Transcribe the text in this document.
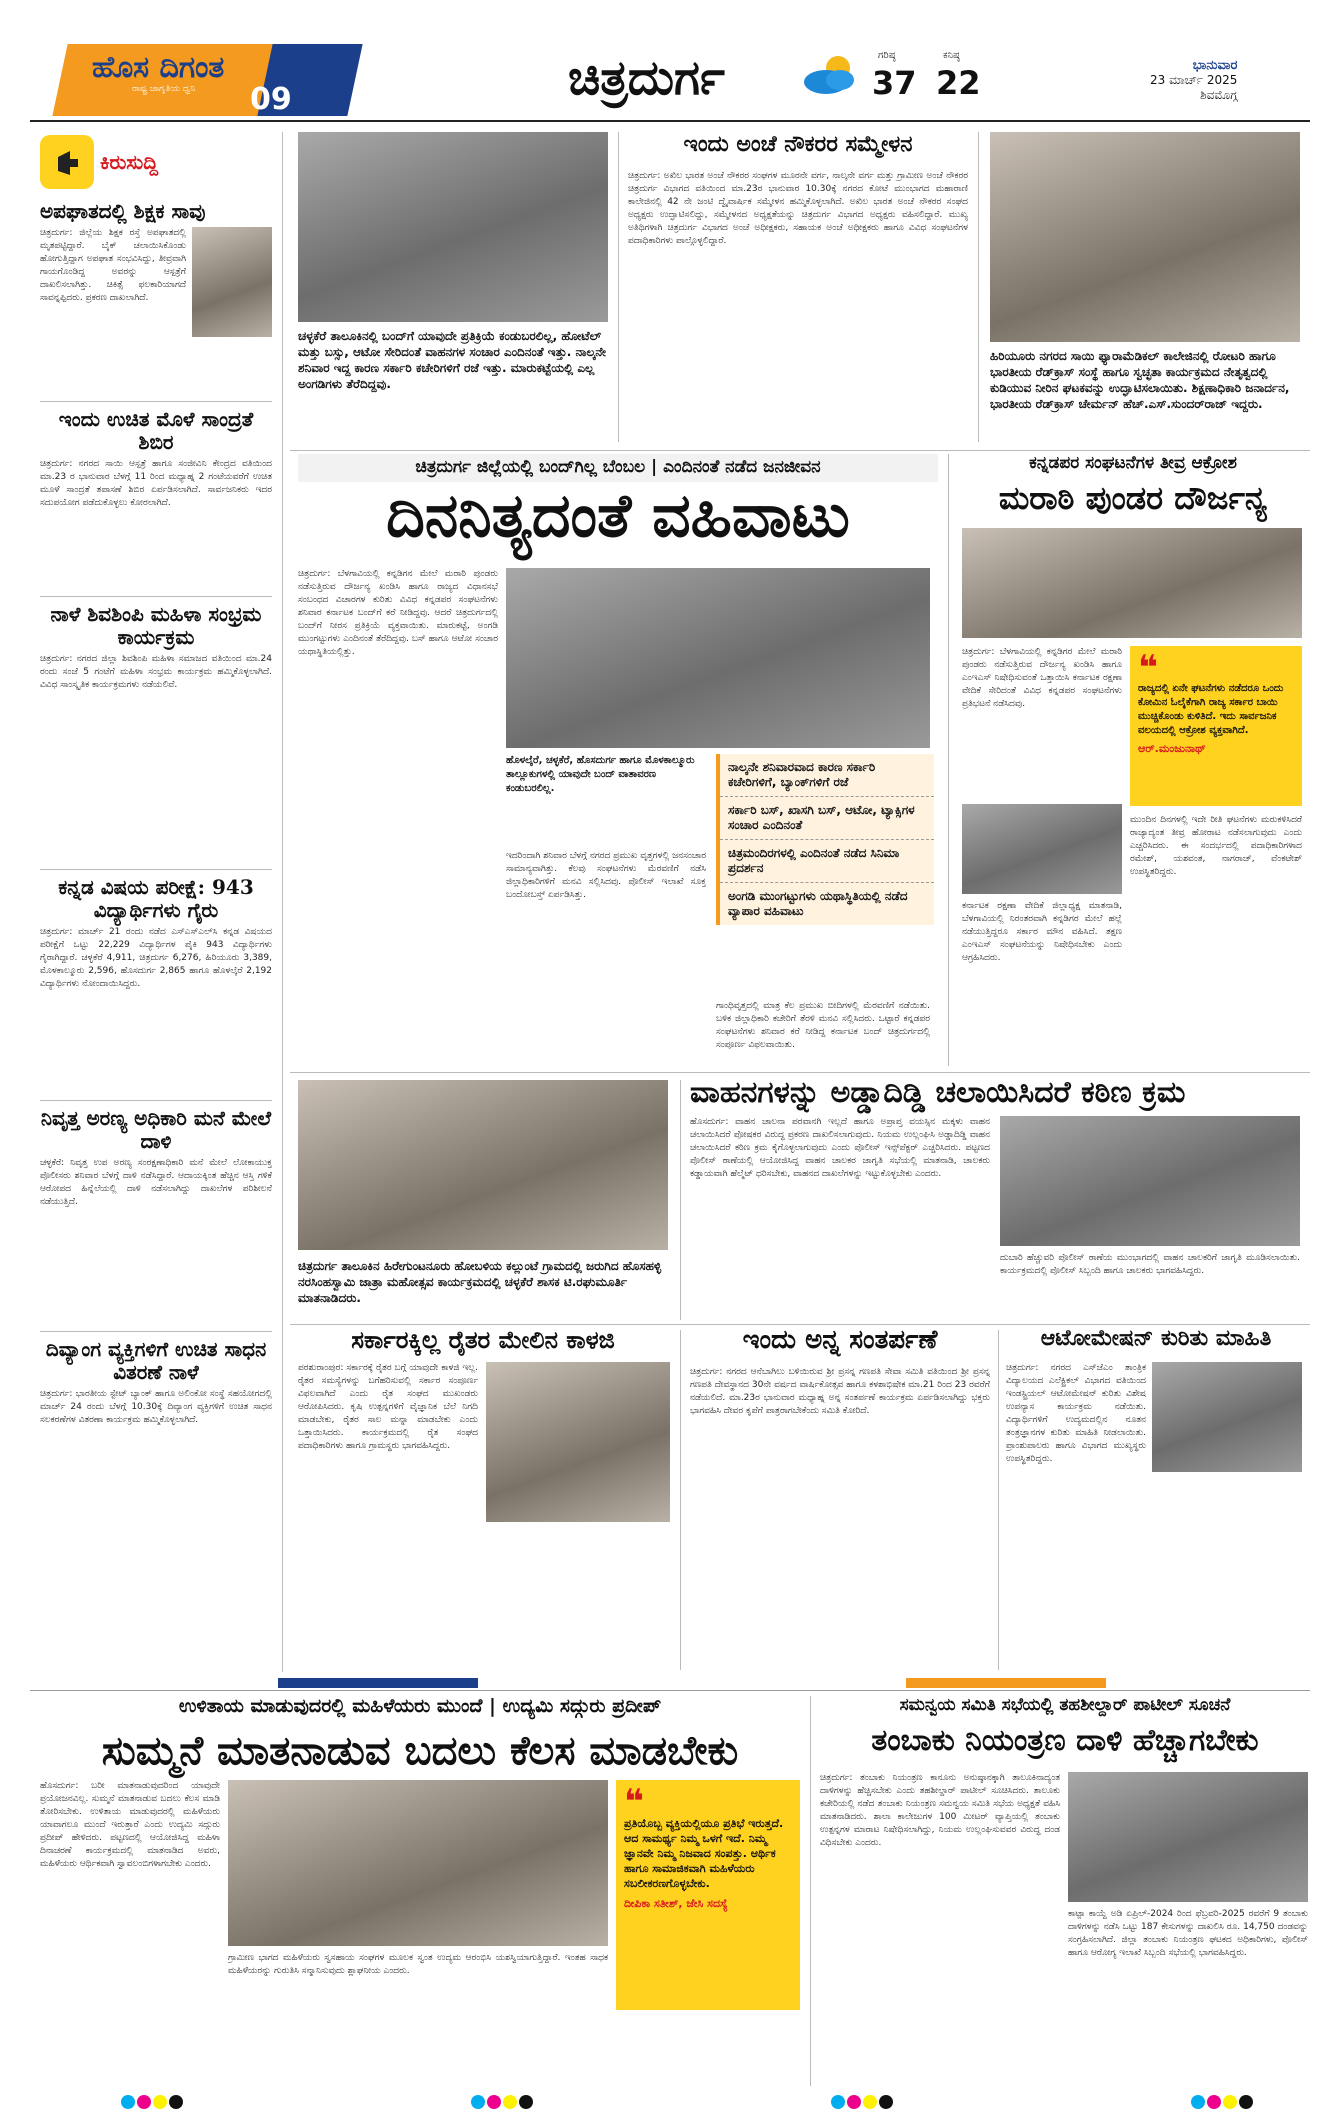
ಹೊಸ ದಿಗಂತ
ರಾಷ್ಟ್ರ ಜಾಗೃತಿಯ ಧ್ವನಿ 09	ಚಿತ್ರದುರ್ಗ	ಗರಿಷ್ಠ
37
ಕನಿಷ್ಠ
22	ಭಾನುವಾರ
23 ಮಾರ್ಚ್ 2025
ಶಿವಮೊಗ್ಗ
ಕಿರುಸುದ್ದಿ
ಅಪಘಾತದಲ್ಲಿ ಶಿಕ್ಷಕ ಸಾವು
ಚಿತ್ರದುರ್ಗ: ಜಿಲ್ಲೆಯ ಶಿಕ್ಷಕ ರಸ್ತೆ ಅಪಘಾತದಲ್ಲಿ ಮೃತಪಟ್ಟಿದ್ದಾರೆ. ಬೈಕ್ ಚಲಾಯಿಸಿಕೊಂಡು ಹೋಗುತ್ತಿದ್ದಾಗ ಅಪಘಾತ ಸಂಭವಿಸಿದ್ದು, ತೀವ್ರವಾಗಿ ಗಾಯಗೊಂಡಿದ್ದ ಅವರನ್ನು ಆಸ್ಪತ್ರೆಗೆ ದಾಖಲಿಸಲಾಗಿತ್ತು. ಚಿಕಿತ್ಸೆ ಫಲಕಾರಿಯಾಗದೆ ಸಾವನ್ನಪ್ಪಿದರು. ಪ್ರಕರಣ ದಾಖಲಾಗಿದೆ.
ಇಂದು ಉಚಿತ ಮೊಳೆ ಸಾಂದ್ರತೆ ಶಿಬಿರ
ಚಿತ್ರದುರ್ಗ: ನಗರದ ಸಾಯಿ ಆಸ್ಪತ್ರೆ ಹಾಗೂ ಸಂಜೀವಿನಿ ಕೇಂದ್ರದ ವತಿಯಿಂದ ಮಾ.23 ರ ಭಾನುವಾರ ಬೆಳಗ್ಗೆ 11 ರಿಂದ ಮಧ್ಯಾಹ್ನ 2 ಗಂಟೆಯವರೆಗೆ ಉಚಿತ ಮೂಳೆ ಸಾಂದ್ರತೆ ತಪಾಸಣೆ ಶಿಬಿರ ಏರ್ಪಡಿಸಲಾಗಿದೆ. ಸಾರ್ವಜನಿಕರು ಇದರ ಸದುಪಯೋಗ ಪಡೆದುಕೊಳ್ಳಲು ಕೋರಲಾಗಿದೆ.
ನಾಳೆ ಶಿವಶಿಂಪಿ ಮಹಿಳಾ ಸಂಭ್ರಮ ಕಾರ್ಯಕ್ರಮ
ಚಿತ್ರದುರ್ಗ: ನಗರದ ಜಿಲ್ಲಾ ಶಿವಶಿಂಪಿ ಮಹಿಳಾ ಸಮಾಜದ ವತಿಯಿಂದ ಮಾ.24 ರಂದು ಸಂಜೆ 5 ಗಂಟೆಗೆ ಮಹಿಳಾ ಸಂಭ್ರಮ ಕಾರ್ಯಕ್ರಮ ಹಮ್ಮಿಕೊಳ್ಳಲಾಗಿದೆ. ವಿವಿಧ ಸಾಂಸ್ಕೃತಿಕ ಕಾರ್ಯಕ್ರಮಗಳು ನಡೆಯಲಿವೆ.
ಕನ್ನಡ ವಿಷಯ ಪರೀಕ್ಷೆ: 943 ವಿದ್ಯಾರ್ಥಿಗಳು ಗೈರು
ಚಿತ್ರದುರ್ಗ: ಮಾರ್ಚ್ 21 ರಂದು ನಡೆದ ಎಸ್‌ಎಸ್‌ಎಲ್‌ಸಿ ಕನ್ನಡ ವಿಷಯದ ಪರೀಕ್ಷೆಗೆ ಒಟ್ಟು 22,229 ವಿದ್ಯಾರ್ಥಿಗಳ ಪೈಕಿ 943 ವಿದ್ಯಾರ್ಥಿಗಳು ಗೈರಾಗಿದ್ದಾರೆ. ಚಳ್ಳಕೆರೆ 4,911, ಚಿತ್ರದುರ್ಗ 6,276, ಹಿರಿಯೂರು 3,389, ಮೊಳಕಾಲ್ಮೂರು 2,596, ಹೊಸದುರ್ಗ 2,865 ಹಾಗೂ ಹೊಳಲ್ಕೆರೆ 2,192 ವಿದ್ಯಾರ್ಥಿಗಳು ನೋಂದಾಯಿಸಿದ್ದರು.
ನಿವೃತ್ತ ಅರಣ್ಯ ಅಧಿಕಾರಿ ಮನೆ ಮೇಲೆ ದಾಳಿ
ಚಳ್ಳಕೆರೆ: ನಿವೃತ್ತ ಉಪ ಅರಣ್ಯ ಸಂರಕ್ಷಣಾಧಿಕಾರಿ ಮನೆ ಮೇಲೆ ಲೋಕಾಯುಕ್ತ ಪೊಲೀಸರು ಶನಿವಾರ ಬೆಳಗ್ಗೆ ದಾಳಿ ನಡೆಸಿದ್ದಾರೆ. ಆದಾಯಕ್ಕಿಂತ ಹೆಚ್ಚಿನ ಆಸ್ತಿ ಗಳಿಕೆ ಆರೋಪದ ಹಿನ್ನೆಲೆಯಲ್ಲಿ ದಾಳಿ ನಡೆಸಲಾಗಿದ್ದು ದಾಖಲೆಗಳ ಪರಿಶೀಲನೆ ನಡೆಯುತ್ತಿದೆ.
ದಿವ್ಯಾಂಗ ವ್ಯಕ್ತಿಗಳಿಗೆ ಉಚಿತ ಸಾಧನ ವಿತರಣೆ ನಾಳೆ
ಚಿತ್ರದುರ್ಗ: ಭಾರತೀಯ ಸ್ಟೇಟ್ ಬ್ಯಾಂಕ್ ಹಾಗೂ ಅಲಿಂಕೋ ಸಂಸ್ಥೆ ಸಹಯೋಗದಲ್ಲಿ ಮಾರ್ಚ್ 24 ರಂದು ಬೆಳಗ್ಗೆ 10.30ಕ್ಕೆ ದಿವ್ಯಾಂಗ ವ್ಯಕ್ತಿಗಳಿಗೆ ಉಚಿತ ಸಾಧನ ಸಲಕರಣೆಗಳ ವಿತರಣಾ ಕಾರ್ಯಕ್ರಮ ಹಮ್ಮಿಕೊಳ್ಳಲಾಗಿದೆ.
ಚಳ್ಳಕೆರೆ ತಾಲೂಕಿನಲ್ಲಿ ಬಂದ್‌ಗೆ ಯಾವುದೇ ಪ್ರತಿಕ್ರಿಯೆ ಕಂಡುಬರಲಿಲ್ಲ, ಹೋಟೆಲ್ ಮತ್ತು ಬಸ್ಸು, ಆಟೋ ಸೇರಿದಂತೆ ವಾಹನಗಳ ಸಂಚಾರ ಎಂದಿನಂತೆ ಇತ್ತು. ನಾಲ್ಕನೇ ಶನಿವಾರ ಇದ್ದ ಕಾರಣ ಸರ್ಕಾರಿ ಕಚೇರಿಗಳಿಗೆ ರಜೆ ಇತ್ತು. ಮಾರುಕಟ್ಟೆಯಲ್ಲಿ ಎಲ್ಲ ಅಂಗಡಿಗಳು ತೆರೆದಿದ್ದವು.
ಇಂದು ಅಂಚೆ ನೌಕರರ ಸಮ್ಮೇಳನ
ಚಿತ್ರದುರ್ಗ: ಅಖಿಲ ಭಾರತ ಅಂಚೆ ನೌಕರರ ಸಂಘಗಳ ಮೂರನೇ ವರ್ಗ, ನಾಲ್ಕನೇ ವರ್ಗ ಮತ್ತು ಗ್ರಾಮೀಣ ಅಂಚೆ ನೌಕರರ ಚಿತ್ರದುರ್ಗ ವಿಭಾಗದ ವತಿಯಿಂದ ಮಾ.23ರ ಭಾನುವಾರ 10.30ಕ್ಕೆ ನಗರದ ಕೋಟೆ ಮುಂಭಾಗದ ಮಹಾರಾಣಿ ಕಾಲೇಜಿನಲ್ಲಿ 42 ನೇ ಜಂಟಿ ದ್ವೈವಾರ್ಷಿಕ ಸಮ್ಮೇಳನ ಹಮ್ಮಿಕೊಳ್ಳಲಾಗಿದೆ. ಅಖಿಲ ಭಾರತ ಅಂಚೆ ನೌಕರರ ಸಂಘದ ಅಧ್ಯಕ್ಷರು ಉದ್ಘಾಟಿಸಲಿದ್ದು, ಸಮ್ಮೇಳನದ ಅಧ್ಯಕ್ಷತೆಯನ್ನು ಚಿತ್ರದುರ್ಗ ವಿಭಾಗದ ಅಧ್ಯಕ್ಷರು ವಹಿಸಲಿದ್ದಾರೆ. ಮುಖ್ಯ ಅತಿಥಿಗಳಾಗಿ ಚಿತ್ರದುರ್ಗ ವಿಭಾಗದ ಅಂಚೆ ಅಧೀಕ್ಷಕರು, ಸಹಾಯಕ ಅಂಚೆ ಅಧೀಕ್ಷಕರು ಹಾಗೂ ವಿವಿಧ ಸಂಘಟನೆಗಳ ಪದಾಧಿಕಾರಿಗಳು ಪಾಲ್ಗೊಳ್ಳಲಿದ್ದಾರೆ.
ಹಿರಿಯೂರು ನಗರದ ಸಾಯಿ ಫ್ಯಾರಾಮೆಡಿಕಲ್ ಕಾಲೇಜಿನಲ್ಲಿ ರೋಟರಿ ಹಾಗೂ ಭಾರತೀಯ ರೆಡ್‌ಕ್ರಾಸ್ ಸಂಸ್ಥೆ ಹಾಗೂ ಸ್ವಚ್ಛತಾ ಕಾರ್ಯಕ್ರಮದ ನೇತೃತ್ವದಲ್ಲಿ ಕುಡಿಯುವ ನೀರಿನ ಘಟಕವನ್ನು ಉದ್ಘಾಟಿಸಲಾಯಿತು. ಶಿಕ್ಷಣಾಧಿಕಾರಿ ಜನಾರ್ದನ, ಭಾರತೀಯ ರೆಡ್‌ಕ್ರಾಸ್ ಚೇರ್ಮನ್ ಹೆಚ್.ಎಸ್.ಸುಂದರ್‌ರಾಜ್ ಇದ್ದರು.
ಚಿತ್ರದುರ್ಗ ಜಿಲ್ಲೆಯಲ್ಲಿ ಬಂದ್‌ಗಿಲ್ಲ ಬೆಂಬಲ | ಎಂದಿನಂತೆ ನಡೆದ ಜನಜೀವನ
ದಿನನಿತ್ಯದಂತೆ ವಹಿವಾಟು
ಚಿತ್ರದುರ್ಗ: ಬೆಳಗಾವಿಯಲ್ಲಿ ಕನ್ನಡಿಗನ ಮೇಲೆ ಮರಾಠಿ ಪುಂಡರು ನಡೆಸುತ್ತಿರುವ ದೌರ್ಜನ್ಯ ಖಂಡಿಸಿ ಹಾಗೂ ರಾಜ್ಯದ ವಿಧಾನಸಭೆ ಸಂಬಂಧದ ವಿಚಾರಗಳ ಕುರಿತು ವಿವಿಧ ಕನ್ನಡಪರ ಸಂಘಟನೆಗಳು ಶನಿವಾರ ಕರ್ನಾಟಕ ಬಂದ್‌ಗೆ ಕರೆ ನೀಡಿದ್ದವು. ಆದರೆ ಚಿತ್ರದುರ್ಗದಲ್ಲಿ ಬಂದ್‌ಗೆ ನೀರಸ ಪ್ರತಿಕ್ರಿಯೆ ವ್ಯಕ್ತವಾಯಿತು. ಮಾರುಕಟ್ಟೆ, ಅಂಗಡಿ ಮುಂಗಟ್ಟುಗಳು ಎಂದಿನಂತೆ ತೆರೆದಿದ್ದವು. ಬಸ್ ಹಾಗೂ ಆಟೋ ಸಂಚಾರ ಯಥಾಸ್ಥಿತಿಯಲ್ಲಿತ್ತು.
ಇದರಿಂದಾಗಿ ಶನಿವಾರ ಬೆಳಗ್ಗೆ ನಗರದ ಪ್ರಮುಖ ವೃತ್ತಗಳಲ್ಲಿ ಜನಸಂಚಾರ ಸಾಮಾನ್ಯವಾಗಿತ್ತು. ಕೆಲವು ಸಂಘಟನೆಗಳು ಮೆರವಣಿಗೆ ನಡೆಸಿ ಜಿಲ್ಲಾಧಿಕಾರಿಗಳಿಗೆ ಮನವಿ ಸಲ್ಲಿಸಿದವು. ಪೊಲೀಸ್ ಇಲಾಖೆ ಸೂಕ್ತ ಬಂದೋಬಸ್ತ್ ಏರ್ಪಡಿಸಿತ್ತು.
ಹೊಳಲ್ಕೆರೆ, ಚಳ್ಳಕೆರೆ, ಹೊಸದುರ್ಗ ಹಾಗೂ ಮೊಳಕಾಲ್ಮೂರು ತಾಲ್ಲೂಕುಗಳಲ್ಲಿ ಯಾವುದೇ ಬಂದ್ ವಾತಾವರಣ ಕಂಡುಬರಲಿಲ್ಲ.
ನಾಲ್ಕನೇ ಶನಿವಾರವಾದ ಕಾರಣ ಸರ್ಕಾರಿ ಕಚೇರಿಗಳಿಗೆ, ಬ್ಯಾಂಕ್‌ಗಳಿಗೆ ರಜೆ
ಸರ್ಕಾರಿ ಬಸ್, ಖಾಸಗಿ ಬಸ್, ಆಟೋ, ಟ್ಯಾಕ್ಸಿಗಳ ಸಂಚಾರ ಎಂದಿನಂತೆ
ಚಿತ್ರಮಂದಿರಗಳಲ್ಲಿ ಎಂದಿನಂತೆ ನಡೆದ ಸಿನಿಮಾ ಪ್ರದರ್ಶನ
ಅಂಗಡಿ ಮುಂಗಟ್ಟುಗಳು ಯಥಾಸ್ಥಿತಿಯಲ್ಲಿ ನಡೆದ ವ್ಯಾಪಾರ ವಹಿವಾಟು
ಗಾಂಧಿವೃತ್ತದಲ್ಲಿ ಮಾತ್ರ ಕೆಲ ಪ್ರಮುಖ ಬೀದಿಗಳಲ್ಲಿ ಮೆರವಣಿಗೆ ನಡೆಯಿತು. ಬಳಿಕ ಜಿಲ್ಲಾಧಿಕಾರಿ ಕಚೇರಿಗೆ ತೆರಳಿ ಮನವಿ ಸಲ್ಲಿಸಿದರು. ಒಟ್ಟಾರೆ ಕನ್ನಡಪರ ಸಂಘಟನೆಗಳು ಶನಿವಾರ ಕರೆ ನೀಡಿದ್ದ ಕರ್ನಾಟಕ ಬಂದ್ ಚಿತ್ರದುರ್ಗದಲ್ಲಿ ಸಂಪೂರ್ಣ ವಿಫಲವಾಯಿತು.
ಕನ್ನಡಪರ ಸಂಘಟನೆಗಳ ತೀವ್ರ ಆಕ್ರೋಶ
ಮರಾಠಿ ಪುಂಡರ ದೌರ್ಜನ್ಯ
ಚಿತ್ರದುರ್ಗ: ಬೆಳಗಾವಿಯಲ್ಲಿ ಕನ್ನಡಿಗರ ಮೇಲೆ ಮರಾಠಿ ಪುಂಡರು ನಡೆಸುತ್ತಿರುವ ದೌರ್ಜನ್ಯ ಖಂಡಿಸಿ ಹಾಗೂ ಎಂಇಎಸ್ ನಿಷೇಧಿಸುವಂತೆ ಒತ್ತಾಯಿಸಿ ಕರ್ನಾಟಕ ರಕ್ಷಣಾ ವೇದಿಕೆ ಸೇರಿದಂತೆ ವಿವಿಧ ಕನ್ನಡಪರ ಸಂಘಟನೆಗಳು ಪ್ರತಿಭಟನೆ ನಡೆಸಿದವು.
❝
ರಾಜ್ಯದಲ್ಲಿ ಏನೇ ಘಟನೆಗಳು ನಡೆದರೂ ಒಂದು ಕೋಮಿನ ಓಲೈಕೆಗಾಗಿ ರಾಜ್ಯ ಸರ್ಕಾರ ಬಾಯಿ ಮುಚ್ಚಿಕೊಂಡು ಕುಳಿತಿದೆ. ಇದು ಸಾರ್ವಜನಿಕ ವಲಯದಲ್ಲಿ ಆಕ್ರೋಶ ವ್ಯಕ್ತವಾಗಿದೆ.
ಆರ್.ಮಂಜುನಾಥ್
ಕರ್ನಾಟಕ ರಕ್ಷಣಾ ವೇದಿಕೆ ಜಿಲ್ಲಾಧ್ಯಕ್ಷ ಮಾತನಾಡಿ, ಬೆಳಗಾವಿಯಲ್ಲಿ ನಿರಂತರವಾಗಿ ಕನ್ನಡಿಗರ ಮೇಲೆ ಹಲ್ಲೆ ನಡೆಯುತ್ತಿದ್ದರೂ ಸರ್ಕಾರ ಮೌನ ವಹಿಸಿದೆ. ತಕ್ಷಣ ಎಂಇಎಸ್ ಸಂಘಟನೆಯನ್ನು ನಿಷೇಧಿಸಬೇಕು ಎಂದು ಆಗ್ರಹಿಸಿದರು.
ಮುಂದಿನ ದಿನಗಳಲ್ಲಿ ಇದೇ ರೀತಿ ಘಟನೆಗಳು ಮರುಕಳಿಸಿದರೆ ರಾಜ್ಯಾದ್ಯಂತ ತೀವ್ರ ಹೋರಾಟ ನಡೆಸಲಾಗುವುದು ಎಂದು ಎಚ್ಚರಿಸಿದರು. ಈ ಸಂದರ್ಭದಲ್ಲಿ ಪದಾಧಿಕಾರಿಗಳಾದ ರಮೇಶ್, ಯಶವಂತ, ನಾಗರಾಜ್, ವೆಂಕಟೇಶ್ ಉಪಸ್ಥಿತರಿದ್ದರು.
ಚಿತ್ರದುರ್ಗ ತಾಲೂಕಿನ ಹಿರೇಗುಂಟನೂರು ಹೋಬಳಿಯ ಕಲ್ಲುಂಟೆ ಗ್ರಾಮದಲ್ಲಿ ಜರುಗಿದ ಹೊಸಹಳ್ಳಿ ನರಸಿಂಹಸ್ವಾಮಿ ಜಾತ್ರಾ ಮಹೋತ್ಸವ ಕಾರ್ಯಕ್ರಮದಲ್ಲಿ ಚಳ್ಳಕೆರೆ ಶಾಸಕ ಟಿ.ರಘುಮೂರ್ತಿ ಮಾತನಾಡಿದರು.
ವಾಹನಗಳನ್ನು ಅಡ್ಡಾದಿಡ್ಡಿ ಚಲಾಯಿಸಿದರೆ ಕಠಿಣ ಕ್ರಮ
ಹೊಸದುರ್ಗ: ವಾಹನ ಚಾಲನಾ ಪರವಾನಗಿ ಇಲ್ಲದೆ ಹಾಗೂ ಅಪ್ರಾಪ್ತ ವಯಸ್ಸಿನ ಮಕ್ಕಳು ವಾಹನ ಚಲಾಯಿಸಿದರೆ ಪೋಷಕರ ವಿರುದ್ಧ ಪ್ರಕರಣ ದಾಖಲಿಸಲಾಗುವುದು. ನಿಯಮ ಉಲ್ಲಂಘಿಸಿ ಅಡ್ಡಾದಿಡ್ಡಿ ವಾಹನ ಚಲಾಯಿಸಿದರೆ ಕಠಿಣ ಕ್ರಮ ಕೈಗೊಳ್ಳಲಾಗುವುದು ಎಂದು ಪೊಲೀಸ್ ಇನ್ಸ್‌ಪೆಕ್ಟರ್ ಎಚ್ಚರಿಸಿದರು. ಪಟ್ಟಣದ ಪೊಲೀಸ್ ಠಾಣೆಯಲ್ಲಿ ಆಯೋಜಿಸಿದ್ದ ವಾಹನ ಚಾಲಕರ ಜಾಗೃತಿ ಸಭೆಯಲ್ಲಿ ಮಾತನಾಡಿ, ಚಾಲಕರು ಕಡ್ಡಾಯವಾಗಿ ಹೆಲ್ಮೆಟ್ ಧರಿಸಬೇಕು, ವಾಹನದ ದಾಖಲೆಗಳನ್ನು ಇಟ್ಟುಕೊಳ್ಳಬೇಕು ಎಂದರು.
ದುಬಾರಿ ಹೆಚ್ಚುವರಿ ಪೊಲೀಸ್ ಠಾಣೆಯ ಮುಂಭಾಗದಲ್ಲಿ ವಾಹನ ಚಾಲಕರಿಗೆ ಜಾಗೃತಿ ಮೂಡಿಸಲಾಯಿತು. ಕಾರ್ಯಕ್ರಮದಲ್ಲಿ ಪೊಲೀಸ್ ಸಿಬ್ಬಂದಿ ಹಾಗೂ ಚಾಲಕರು ಭಾಗವಹಿಸಿದ್ದರು.
ಸರ್ಕಾರಕ್ಕಿಲ್ಲ ರೈತರ ಮೇಲಿನ ಕಾಳಜಿ
ಪರಶುರಾಂಪುರ: ಸರ್ಕಾರಕ್ಕೆ ರೈತರ ಬಗ್ಗೆ ಯಾವುದೇ ಕಾಳಜಿ ಇಲ್ಲ. ರೈತರ ಸಮಸ್ಯೆಗಳನ್ನು ಬಗೆಹರಿಸುವಲ್ಲಿ ಸರ್ಕಾರ ಸಂಪೂರ್ಣ ವಿಫಲವಾಗಿದೆ ಎಂದು ರೈತ ಸಂಘದ ಮುಖಂಡರು ಆರೋಪಿಸಿದರು. ಕೃಷಿ ಉತ್ಪನ್ನಗಳಿಗೆ ವೈಜ್ಞಾನಿಕ ಬೆಲೆ ನಿಗದಿ ಮಾಡಬೇಕು, ರೈತರ ಸಾಲ ಮನ್ನಾ ಮಾಡಬೇಕು ಎಂದು ಒತ್ತಾಯಿಸಿದರು. ಕಾರ್ಯಕ್ರಮದಲ್ಲಿ ರೈತ ಸಂಘದ ಪದಾಧಿಕಾರಿಗಳು ಹಾಗೂ ಗ್ರಾಮಸ್ಥರು ಭಾಗವಹಿಸಿದ್ದರು.
ಇಂದು ಅನ್ನ ಸಂತರ್ಪಣೆ
ಚಿತ್ರದುರ್ಗ: ನಗರದ ಆನೆಬಾಗಿಲು ಬಳಿಯಿರುವ ಶ್ರೀ ಪ್ರಸನ್ನ ಗಣಪತಿ ಸೇವಾ ಸಮಿತಿ ವತಿಯಿಂದ ಶ್ರೀ ಪ್ರಸನ್ನ ಗಣಪತಿ ದೇವಸ್ಥಾನದ 30ನೇ ವರ್ಷದ ವಾರ್ಷಿಕೋತ್ಸವ ಹಾಗೂ ಕಳಶಾಭಿಷೇಕ ಮಾ.21 ರಿಂದ 23 ರವರೆಗೆ ನಡೆಯಲಿದೆ. ಮಾ.23ರ ಭಾನುವಾರ ಮಧ್ಯಾಹ್ನ ಅನ್ನ ಸಂತರ್ಪಣೆ ಕಾರ್ಯಕ್ರಮ ಏರ್ಪಡಿಸಲಾಗಿದ್ದು ಭಕ್ತರು ಭಾಗವಹಿಸಿ ದೇವರ ಕೃಪೆಗೆ ಪಾತ್ರರಾಗಬೇಕೆಂದು ಸಮಿತಿ ಕೋರಿದೆ.
ಆಟೋಮೇಷನ್ ಕುರಿತು ಮಾಹಿತಿ
ಚಿತ್ರದುರ್ಗ: ನಗರದ ಎಸ್‌ಜೆಎಂ ತಾಂತ್ರಿಕ ವಿದ್ಯಾಲಯದ ಎಲೆಕ್ಟ್ರಿಕಲ್ ವಿಭಾಗದ ವತಿಯಿಂದ ಇಂಡಸ್ಟ್ರಿಯಲ್ ಆಟೋಮೇಷನ್ ಕುರಿತು ವಿಶೇಷ ಉಪನ್ಯಾಸ ಕಾರ್ಯಕ್ರಮ ನಡೆಯಿತು. ವಿದ್ಯಾರ್ಥಿಗಳಿಗೆ ಉದ್ಯಮದಲ್ಲಿನ ನೂತನ ತಂತ್ರಜ್ಞಾನಗಳ ಕುರಿತು ಮಾಹಿತಿ ನೀಡಲಾಯಿತು. ಪ್ರಾಂಶುಪಾಲರು ಹಾಗೂ ವಿಭಾಗದ ಮುಖ್ಯಸ್ಥರು ಉಪಸ್ಥಿತರಿದ್ದರು.
ಉಳಿತಾಯ ಮಾಡುವುದರಲ್ಲಿ ಮಹಿಳೆಯರು ಮುಂದೆ | ಉದ್ಯಮಿ ಸದ್ಗುರು ಪ್ರದೀಪ್
ಸುಮ್ಮನೆ ಮಾತನಾಡುವ ಬದಲು ಕೆಲಸ ಮಾಡಬೇಕು
ಹೊಸದುರ್ಗ: ಬರೀ ಮಾತನಾಡುವುದರಿಂದ ಯಾವುದೇ ಪ್ರಯೋಜನವಿಲ್ಲ. ಸುಮ್ಮನೆ ಮಾತನಾಡುವ ಬದಲು ಕೆಲಸ ಮಾಡಿ ತೋರಿಸಬೇಕು. ಉಳಿತಾಯ ಮಾಡುವುದರಲ್ಲಿ ಮಹಿಳೆಯರು ಯಾವಾಗಲೂ ಮುಂದೆ ಇರುತ್ತಾರೆ ಎಂದು ಉದ್ಯಮಿ ಸದ್ಗುರು ಪ್ರದೀಪ್ ಹೇಳಿದರು. ಪಟ್ಟಣದಲ್ಲಿ ಆಯೋಜಿಸಿದ್ದ ಮಹಿಳಾ ದಿನಾಚರಣೆ ಕಾರ್ಯಕ್ರಮದಲ್ಲಿ ಮಾತನಾಡಿದ ಅವರು, ಮಹಿಳೆಯರು ಆರ್ಥಿಕವಾಗಿ ಸ್ವಾವಲಂಬಿಗಳಾಗಬೇಕು ಎಂದರು.
ಗ್ರಾಮೀಣ ಭಾಗದ ಮಹಿಳೆಯರು ಸ್ವಸಹಾಯ ಸಂಘಗಳ ಮೂಲಕ ಸ್ವಂತ ಉದ್ಯಮ ಆರಂಭಿಸಿ ಯಶಸ್ವಿಯಾಗುತ್ತಿದ್ದಾರೆ. ಇಂತಹ ಸಾಧಕ ಮಹಿಳೆಯರನ್ನು ಗುರುತಿಸಿ ಸನ್ಮಾನಿಸುವುದು ಶ್ಲಾಘನೀಯ ಎಂದರು.
❝
ಪ್ರತಿಯೊಬ್ಬ ವ್ಯಕ್ತಿಯಲ್ಲಿಯೂ ಪ್ರತಿಭೆ ಇರುತ್ತದೆ. ಆದ ಸಾಮರ್ಥ್ಯ ನಿಮ್ಮ ಒಳಗೆ ಇದೆ. ನಿಮ್ಮ ಜ್ಞಾನವೇ ನಿಮ್ಮ ನಿಜವಾದ ಸಂಪತ್ತು. ಆರ್ಥಿಕ ಹಾಗೂ ಸಾಮಾಜಿಕವಾಗಿ ಮಹಿಳೆಯರು ಸಬಲೀಕರಣಗೊಳ್ಳಬೇಕು.
ದೀಪಿಕಾ ಸತೀಶ್, ಜೇಸಿ ಸದಸ್ಯೆ
ಸಮನ್ವಯ ಸಮಿತಿ ಸಭೆಯಲ್ಲಿ ತಹಶೀಲ್ದಾರ್ ಪಾಟೀಲ್ ಸೂಚನೆ
ತಂಬಾಕು ನಿಯಂತ್ರಣ ದಾಳಿ ಹೆಚ್ಚಾಗಬೇಕು
ಚಿತ್ರದುರ್ಗ: ತಂಬಾಕು ನಿಯಂತ್ರಣ ಕಾನೂನು ಅನುಷ್ಠಾನಕ್ಕಾಗಿ ತಾಲೂಕಿನಾದ್ಯಂತ ದಾಳಿಗಳನ್ನು ಹೆಚ್ಚಿಸಬೇಕು ಎಂದು ತಹಶೀಲ್ದಾರ್ ಪಾಟೀಲ್ ಸೂಚಿಸಿದರು. ತಾಲೂಕು ಕಚೇರಿಯಲ್ಲಿ ನಡೆದ ತಂಬಾಕು ನಿಯಂತ್ರಣ ಸಮನ್ವಯ ಸಮಿತಿ ಸಭೆಯ ಅಧ್ಯಕ್ಷತೆ ವಹಿಸಿ ಮಾತನಾಡಿದರು. ಶಾಲಾ ಕಾಲೇಜುಗಳ 100 ಮೀಟರ್ ವ್ಯಾಪ್ತಿಯಲ್ಲಿ ತಂಬಾಕು ಉತ್ಪನ್ನಗಳ ಮಾರಾಟ ನಿಷೇಧಿಸಲಾಗಿದ್ದು, ನಿಯಮ ಉಲ್ಲಂಘಿಸುವವರ ವಿರುದ್ಧ ದಂಡ ವಿಧಿಸಬೇಕು ಎಂದರು.
ಕಾಟ್ಪಾ ಕಾಯ್ದೆ ಅಡಿ ಏಪ್ರಿಲ್-2024 ರಿಂದ ಫೆಬ್ರವರಿ-2025 ರವರೆಗೆ 9 ತಂಬಾಕು ದಾಳಿಗಳನ್ನು ನಡೆಸಿ ಒಟ್ಟು 187 ಕೇಸುಗಳನ್ನು ದಾಖಲಿಸಿ ರೂ. 14,750 ದಂಡವನ್ನು ಸಂಗ್ರಹಿಸಲಾಗಿದೆ. ಜಿಲ್ಲಾ ತಂಬಾಕು ನಿಯಂತ್ರಣ ಘಟಕದ ಅಧಿಕಾರಿಗಳು, ಪೊಲೀಸ್ ಹಾಗೂ ಆರೋಗ್ಯ ಇಲಾಖೆ ಸಿಬ್ಬಂದಿ ಸಭೆಯಲ್ಲಿ ಭಾಗವಹಿಸಿದ್ದರು.
